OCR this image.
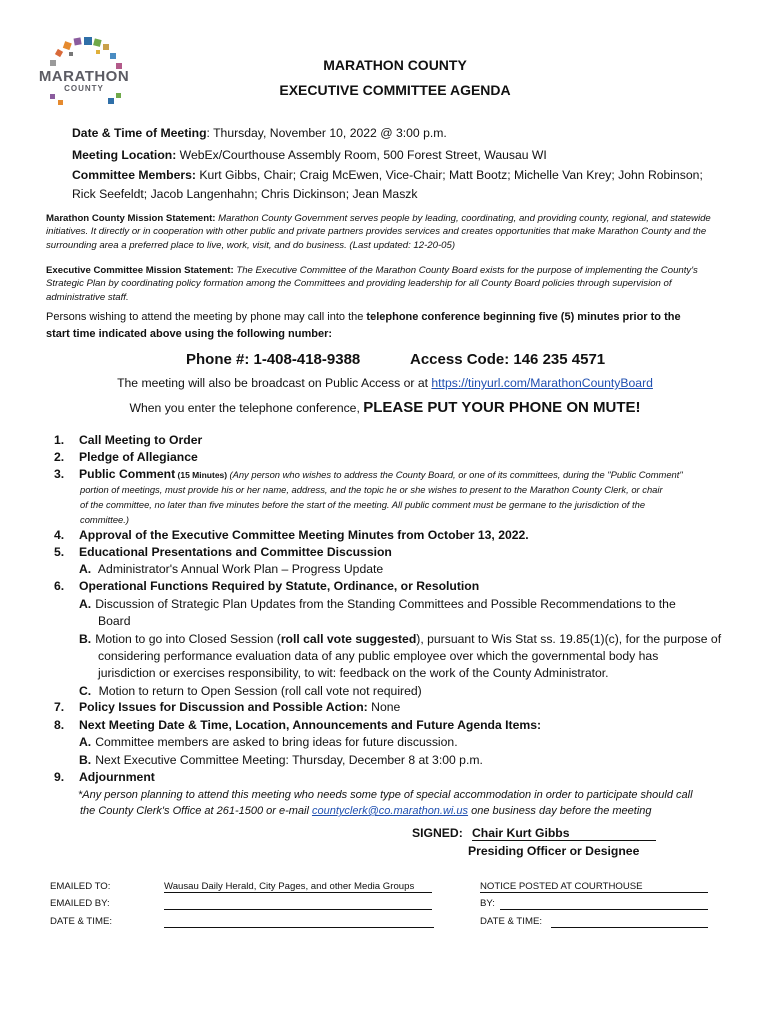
MARATHON
COUNTY
MARATHON COUNTY
EXECUTIVE COMMITTEE AGENDA
Date & Time of Meeting: Thursday, November 10, 2022 @ 3:00 p.m.
Meeting Location: WebEx/Courthouse Assembly Room, 500 Forest Street, Wausau WI
Committee Members: Kurt Gibbs, Chair; Craig McEwen, Vice-Chair; Matt Bootz; Michelle Van Krey; John Robinson;
Rick Seefeldt; Jacob Langenhahn; Chris Dickinson; Jean Maszk
Marathon County Mission Statement: Marathon County Government serves people by leading, coordinating, and providing county, regional, and statewide initiatives. It directly or in cooperation with other public and private partners provides services and creates opportunities that make Marathon County and the surrounding area a preferred place to live, work, visit, and do business. (Last updated: 12-20-05)
Executive Committee Mission Statement: The Executive Committee of the Marathon County Board exists for the purpose of implementing the County's Strategic Plan by coordinating policy formation among the Committees and providing leadership for all County Board policies through supervision of administrative staff.
Persons wishing to attend the meeting by phone may call into the telephone conference beginning five (5) minutes prior to the
start time indicated above using the following number:
Phone #: 1-408-418-9388	Access Code: 146 235 4571
The meeting will also be broadcast on Public Access or at https://tinyurl.com/MarathonCountyBoard
When you enter the telephone conference, PLEASE PUT YOUR PHONE ON MUTE!
1. Call Meeting to Order
2. Pledge of Allegiance
3. Public Comment (15 Minutes) (Any person who wishes to address the County Board, or one of its committees, during the "Public Comment"
portion of meetings, must provide his or her name, address, and the topic he or she wishes to present to the Marathon County Clerk, or chair
of the committee, no later than five minutes before the start of the meeting. All public comment must be germane to the jurisdiction of the
committee.)
4. Approval of the Executive Committee Meeting Minutes from October 13, 2022.
5. Educational Presentations and Committee Discussion
A. Administrator's Annual Work Plan – Progress Update
6. Operational Functions Required by Statute, Ordinance, or Resolution
A. Discussion of Strategic Plan Updates from the Standing Committees and Possible Recommendations to the
Board
B. Motion to go into Closed Session (roll call vote suggested), pursuant to Wis Stat ss. 19.85(1)(c), for the purpose of
considering performance evaluation data of any public employee over which the governmental body has
jurisdiction or exercises responsibility, to wit: feedback on the work of the County Administrator.
C. Motion to return to Open Session (roll call vote not required)
7. Policy Issues for Discussion and Possible Action: None
8. Next Meeting Date & Time, Location, Announcements and Future Agenda Items:
A. Committee members are asked to bring ideas for future discussion.
B. Next Executive Committee Meeting: Thursday, December 8 at 3:00 p.m.
9. Adjournment
*Any person planning to attend this meeting who needs some type of special accommodation in order to participate should call
the County Clerk's Office at 261-1500 or e-mail countyclerk@co.marathon.wi.us one business day before the meeting
SIGNED: Chair Kurt Gibbs
Presiding Officer or Designee
EMAILED TO:	Wausau Daily Herald, City Pages, and other Media Groups
EMAILED BY:
DATE & TIME:
NOTICE POSTED AT COURTHOUSE
BY:
DATE & TIME:
